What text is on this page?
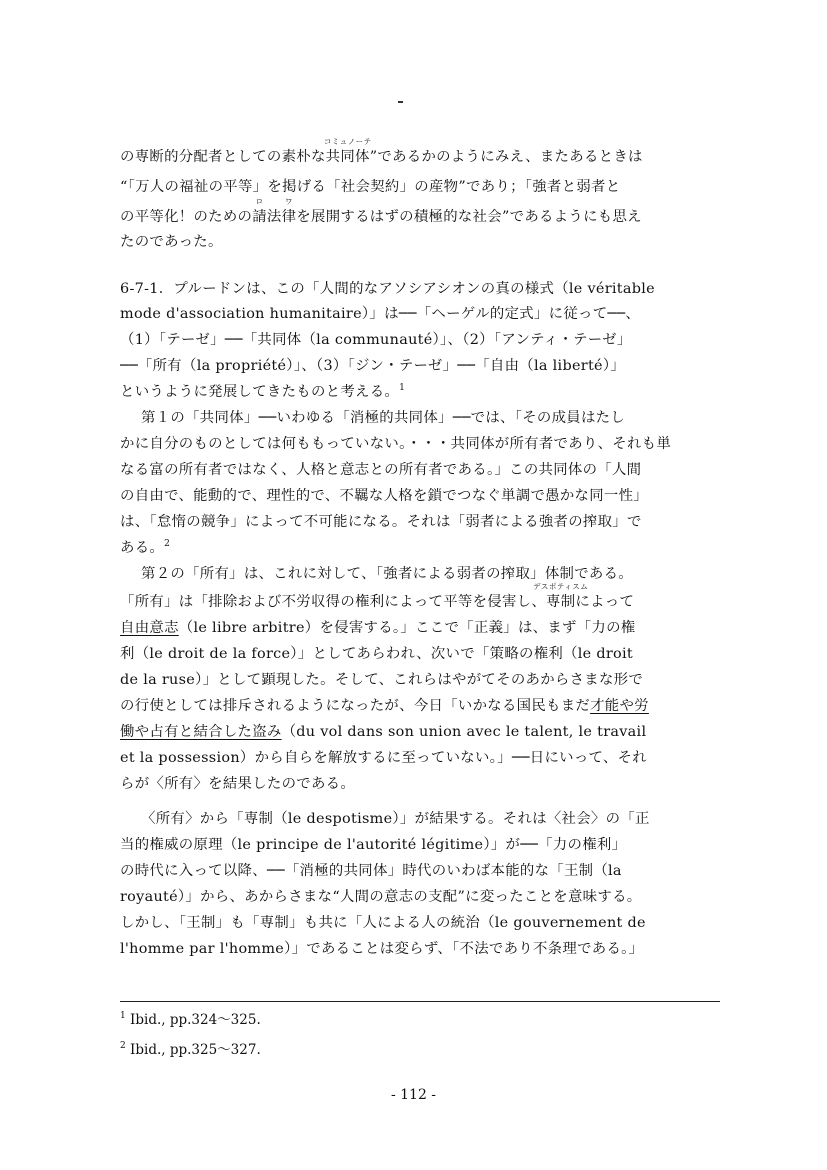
の専断的分配者としての素朴な
コミュノーテ
共同体”であるかのようにみえ、またあるときは
“「万人の福祉の平等」を掲げる「社会契約」の産物”であり；「強者と弱者と
の平等化！のための
ロ
請法
ワ
律を展開するはずの積極的な社会”であるようにも思え
たのであった。
6-7-1．プルードンは、この「人間的なアソシアシオンの真の様式（le véritable
mode d'association humanitaire）」は──「ヘーゲル的定式」に従って──、
（1）「テーゼ」──「共同体（la communauté）」、（2）「アンティ・テーゼ」
──「所有（la propriété）」、（3）「ジン・テーゼ」──「自由（la liberté）」
というように発展してきたものと考える。$^1$
第１の「共同体」──いわゆる「消極的共同体」──では、「その成員はたし
かに自分のものとしては何ももっていない。・・・共同体が所有者であり、それも単
なる富の所有者ではなく、人格と意志との所有者である。」この共同体の「人間
の自由で、能動的で、理性的で、不羈な人格を鎖でつなぐ単調で愚かな同一性」
は、「怠惰の競争」によって不可能になる。それは「弱者による強者の搾取」で
ある。$^2$
第２の「所有」は、これに対して、「強者による弱者の搾取」体制である。
「所有」は「排除および不労収得の権利によって平等を侵害し、
デスポティスム
専制によって
自由意志（le libre arbitre）を侵害する。」ここで「正義」は、まず「力の権
利（le droit de la force）」としてあらわれ、次いで「策略の権利（le droit
de la ruse）」として顕現した。そして、これらはやがてそのあからさまな形で
の行使としては排斥されるようになったが、今日「いかなる国民もまだ才能や労
働や占有と結合した盗み（du vol dans son union avec le talent, le travail
et la possession）から自らを解放するに至っていない。」──日にいって、それ
らが〈所有〉を結果したのである。
〈所有〉から「専制（le despotisme）」が結果する。それは〈社会〉の「正
当的権威の原理（le principe de l'autorité légitime）」が──「力の権利」
の時代に入って以降、──「消極的共同体」時代のいわば本能的な「王制（la
royauté）」から、あからさまな“人間の意志の支配”に変ったことを意味する。
しかし、「王制」も「専制」も共に「人による人の統治（le gouvernement de
l'homme par l'homme）」であることは変らず、「不法であり不条理である。」
$^1$ Ibid., pp.324～325.
$^2$ Ibid., pp.325～327.
- 112 -
